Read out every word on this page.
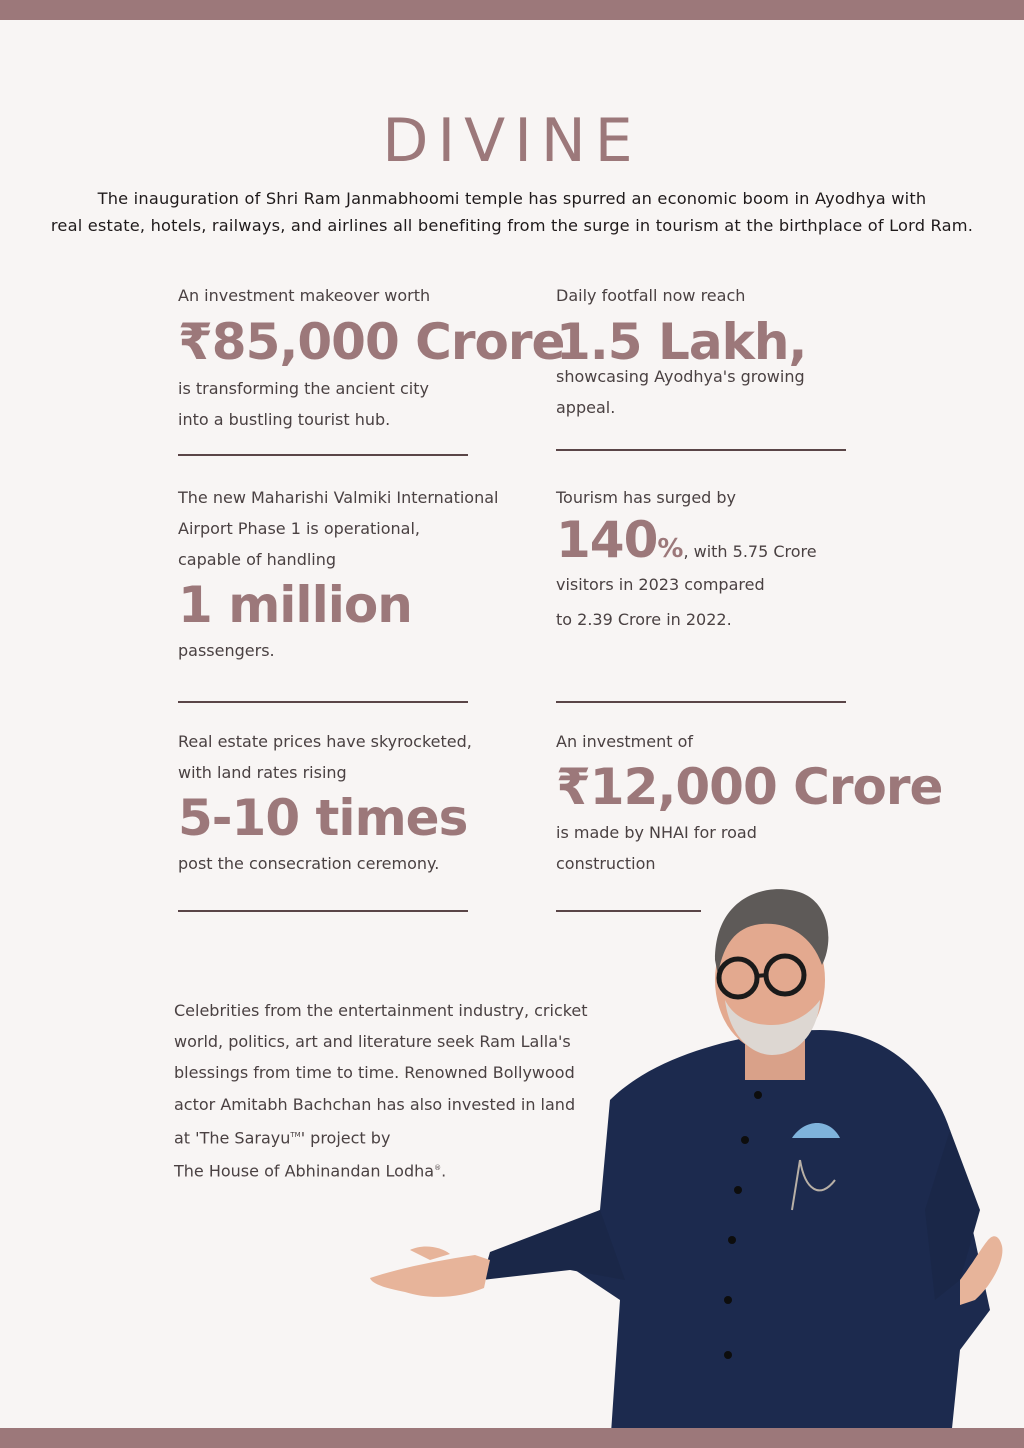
DIVINE
The inauguration of Shri Ram Janmabhoomi temple has spurred an economic boom in Ayodhya with
real estate, hotels, railways, and airlines all benefiting from the surge in tourism at the birthplace of Lord Ram.
An investment makeover worth
₹85,000 Crore
is transforming the ancient city
into a bustling tourist hub.
Daily footfall now reach
1.5 Lakh,
showcasing Ayodhya's growing
appeal.
The new Maharishi Valmiki International
Airport Phase 1 is operational,
capable of handling
1 million
passengers.
Tourism has surged by
140%, with 5.75 Crore
visitors in 2023 compared
to 2.39 Crore in 2022.
Real estate prices have skyrocketed,
with land rates rising
5-10 times
post the consecration ceremony.
An investment of
₹12,000 Crore
is made by NHAI for road
construction
Celebrities from the entertainment industry, cricket
world, politics, art and literature seek Ram Lalla's
blessings from time to time. Renowned Bollywood
actor Amitabh Bachchan has also invested in land
at 'The Sarayu™' project by
The House of Abhinandan Lodha®.
